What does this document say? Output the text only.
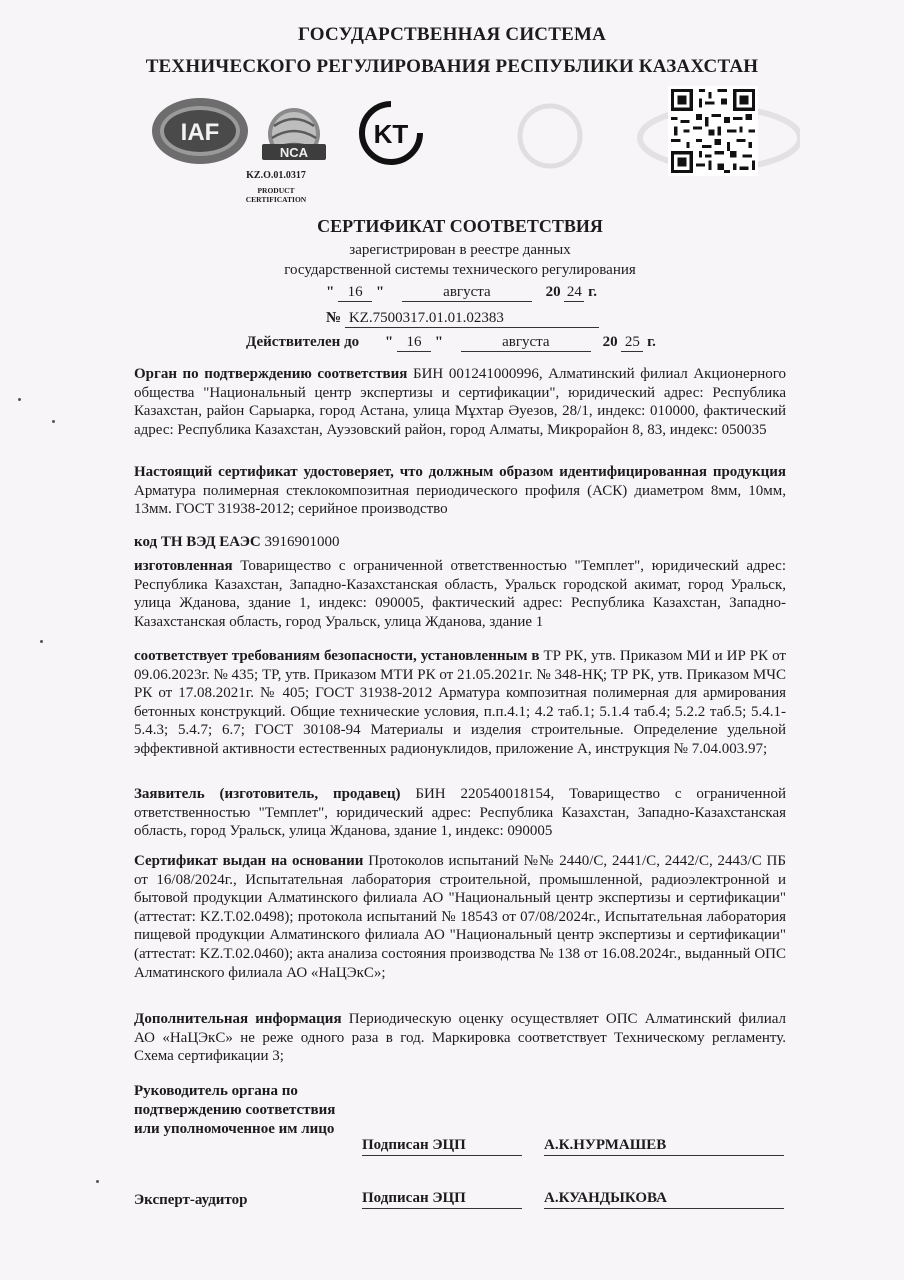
ГОСУДАРСТВЕННАЯ СИСТЕМА
ТЕХНИЧЕСКОГО РЕГУЛИРОВАНИЯ РЕСПУБЛИКИ КАЗАХСТАН
IAF
NCA
KT
KZ.O.01.0317
PRODUCT
CERTIFICATION
СЕРТИФИКАТ СООТВЕТСТВИЯ
зарегистрирован в реестре данных
государственной системы технического регулирования
" 16 "	августа	20 24 г.
№ KZ.7500317.01.01.02383
Действителен до " 16 "	августа	20 25 г.
Орган по подтверждению соответствия БИН 001241000996, Алматинский филиал Акционерного общества "Национальный центр экспертизы и сертификации", юридический адрес: Республика Казахстан, район Сарыарка, город Астана, улица Мұхтар Әуезов, 28/1, индекс: 010000, фактический адрес: Республика Казахстан, Ауэзовский район, город Алматы, Микрорайон 8, 83, индекс: 050035
Настоящий сертификат удостоверяет, что должным образом идентифицированная продукция Арматура полимерная стеклокомпозитная периодического профиля (АСК) диаметром 8мм, 10мм, 13мм. ГОСТ 31938-2012; серийное производство
код ТН ВЭД ЕАЭС 3916901000
изготовленная Товарищество с ограниченной ответственностью "Темплет", юридический адрес: Республика Казахстан, Западно-Казахстанская область, Уральск городской акимат, город Уральск, улица Жданова, здание 1, индекс: 090005, фактический адрес: Республика Казахстан, Западно-Казахстанская область, город Уральск, улица Жданова, здание 1
соответствует требованиям безопасности, установленным в ТР РК, утв. Приказом МИ и ИР РК от 09.06.2023г. № 435; ТР, утв. Приказом МТИ РК от 21.05.2021г. № 348-НҚ; ТР РК, утв. Приказом МЧС РК от 17.08.2021г. № 405; ГОСТ 31938-2012 Арматура композитная полимерная для армирования бетонных конструкций. Общие технические условия, п.п.4.1; 4.2 таб.1; 5.1.4 таб.4; 5.2.2 таб.5; 5.4.1-5.4.3; 5.4.7; 6.7; ГОСТ 30108-94 Материалы и изделия строительные. Определение удельной эффективной активности естественных радионуклидов, приложение А, инструкция № 7.04.003.97;
Заявитель (изготовитель, продавец) БИН 220540018154, Товарищество с ограниченной ответственностью "Темплет", юридический адрес: Республика Казахстан, Западно-Казахстанская область, город Уральск, улица Жданова, здание 1, индекс: 090005
Сертификат выдан на основании Протоколов испытаний №№ 2440/С, 2441/С, 2442/С, 2443/С ПБ от 16/08/2024г., Испытательная лаборатория строительной, промышленной, радиоэлектронной и бытовой продукции Алматинского филиала АО "Национальный центр экспертизы и сертификации" (аттестат: KZ.T.02.0498); протокола испытаний № 18543 от 07/08/2024г., Испытательная лаборатория пищевой продукции Алматинского филиала АО "Национальный центр экспертизы и сертификации" (аттестат: KZ.T.02.0460); акта анализа состояния производства № 138 от 16.08.2024г., выданный ОПС Алматинского филиала АО «НаЦЭкС»;
Дополнительная информация Периодическую оценку осуществляет ОПС Алматинский филиал АО «НаЦЭкС» не реже одного раза в год. Маркировка соответствует Техническому регламенту. Схема сертификации 3;
Руководитель органа по подтверждению соответствия или уполномоченное им лицо
Подписан ЭЦП	А.К.НУРМАШЕВ
Эксперт-аудитор	Подписан ЭЦП	А.КУАНДЫКОВА
